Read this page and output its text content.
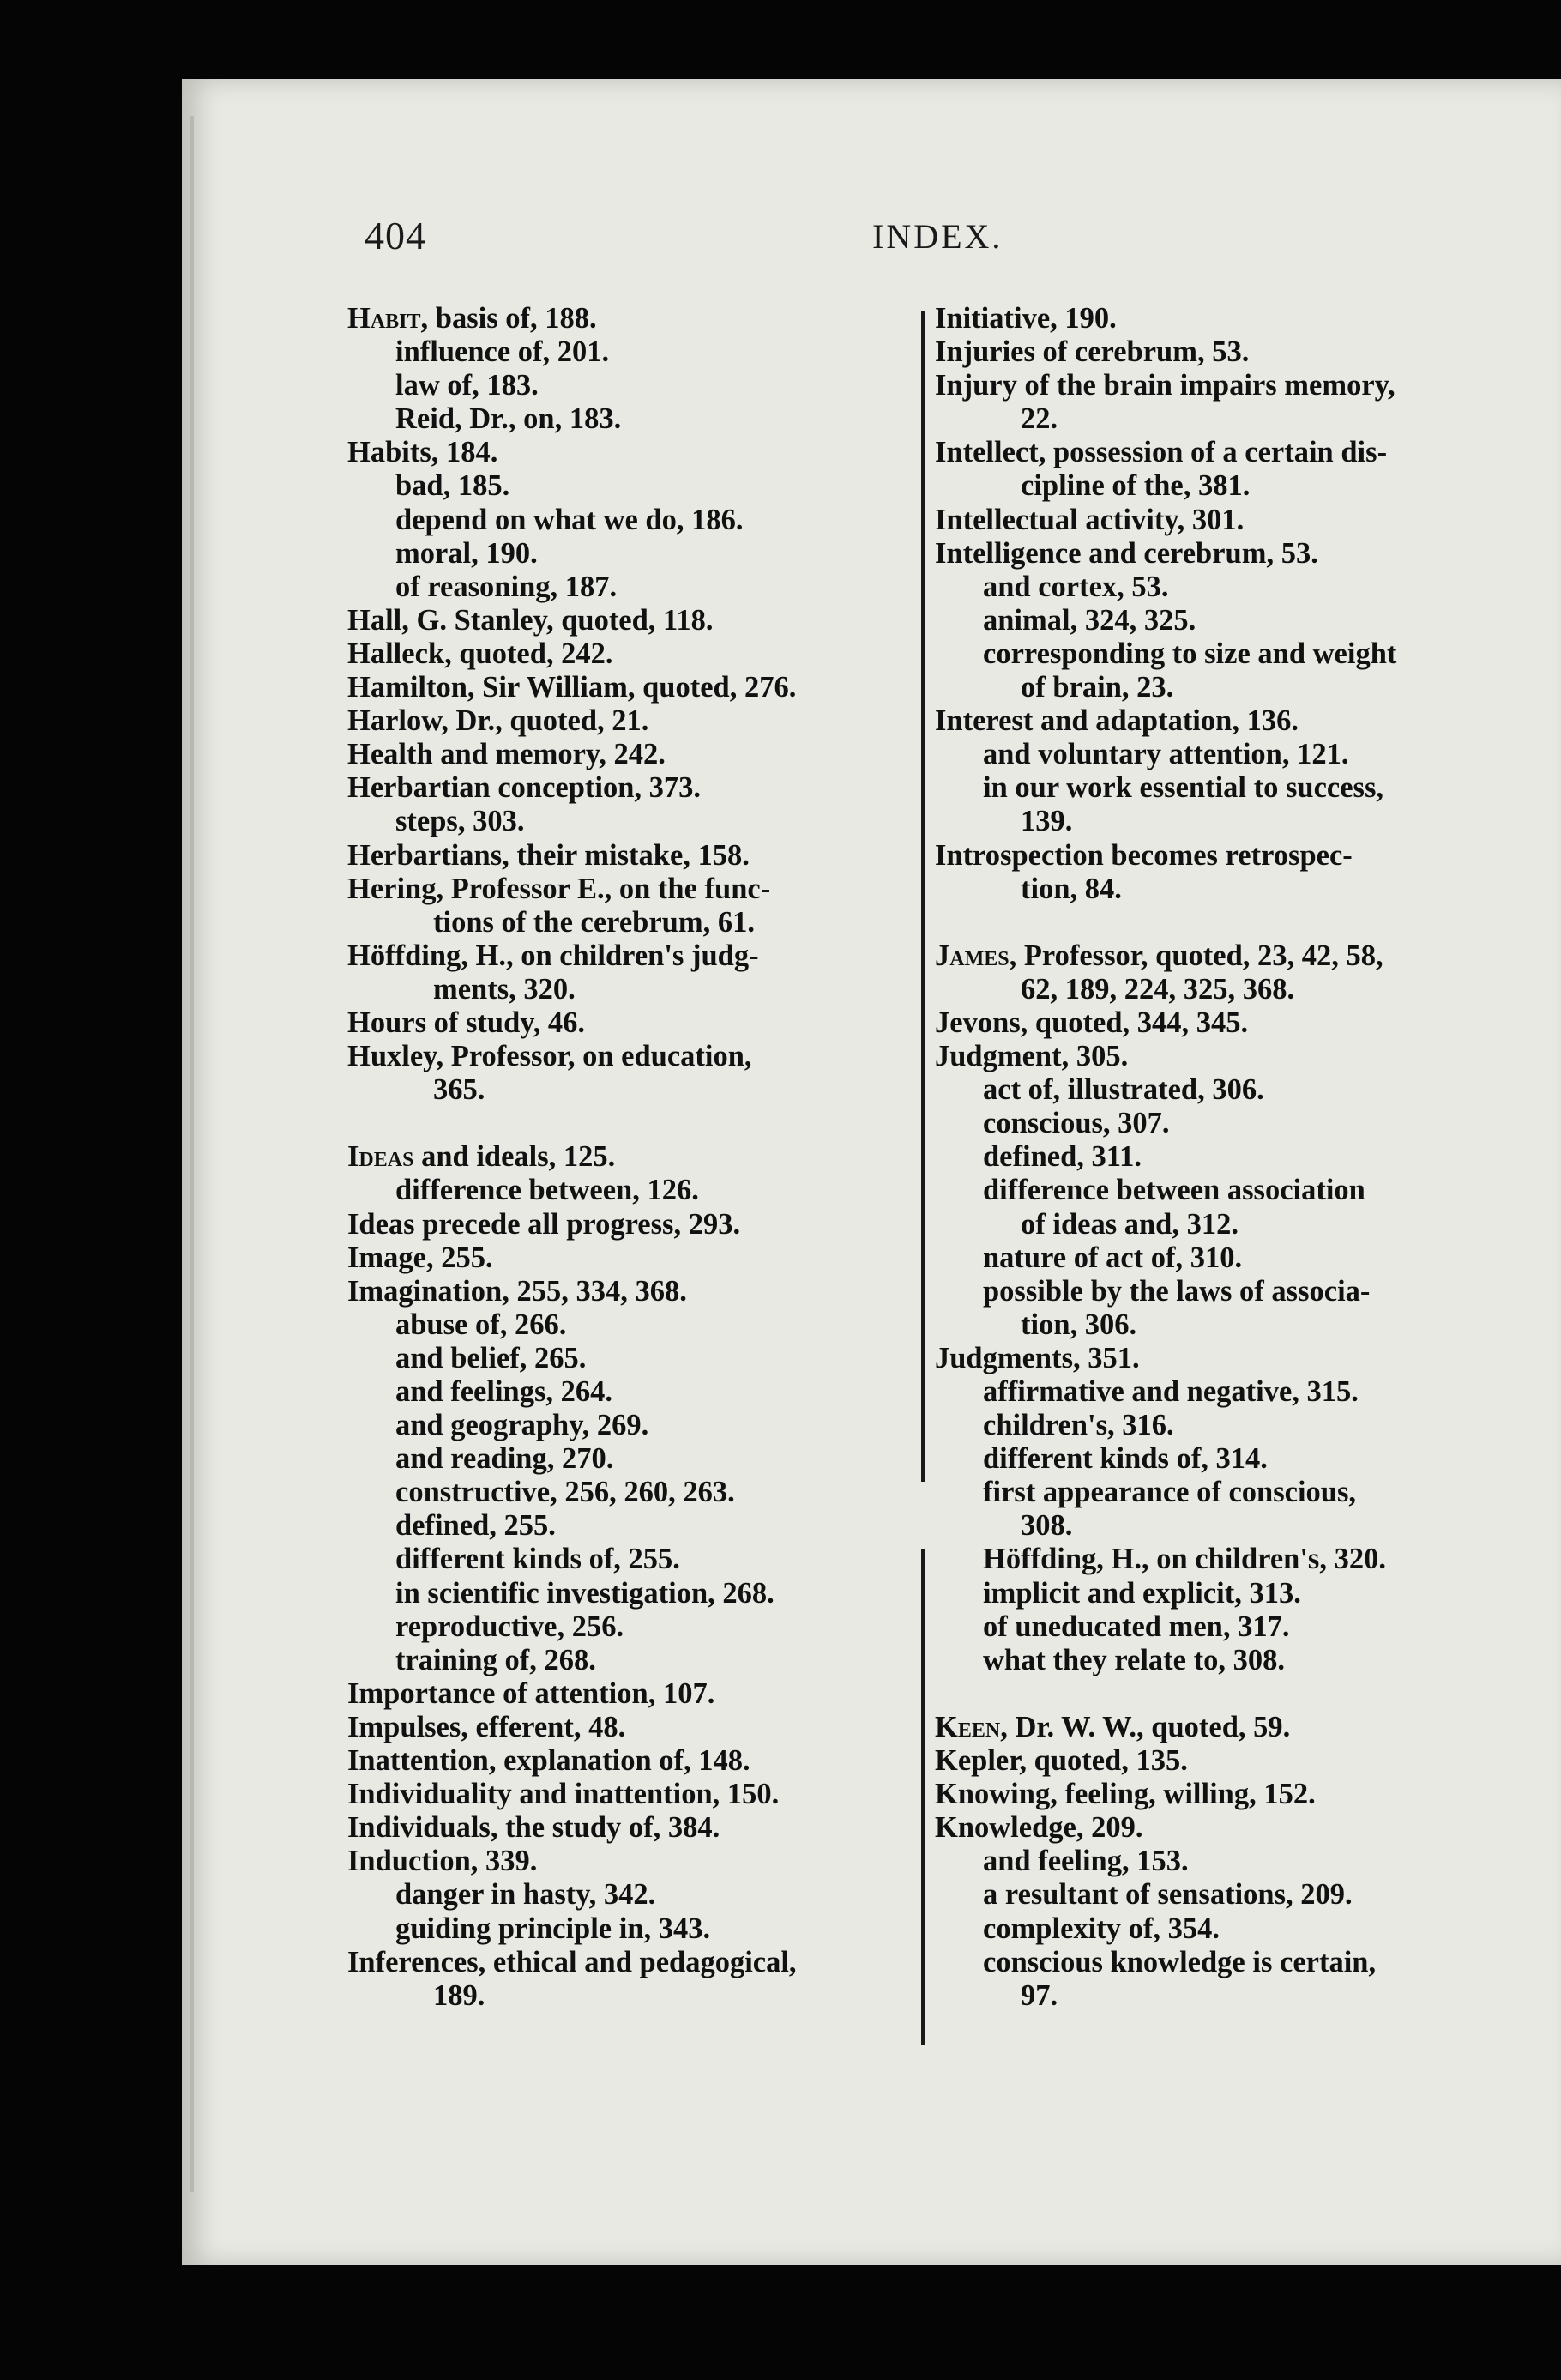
404	INDEX.
Habit, basis of, 188.
influence of, 201.
law of, 183.
Reid, Dr., on, 183.
Habits, 184.
bad, 185.
depend on what we do, 186.
moral, 190.
of reasoning, 187.
Hall, G. Stanley, quoted, 118.
Halleck, quoted, 242.
Hamilton, Sir William, quoted, 276.
Harlow, Dr., quoted, 21.
Health and memory, 242.
Herbartian conception, 373.
steps, 303.
Herbartians, their mistake, 158.
Hering, Professor E., on the func-
tions of the cerebrum, 61.
Höffding, H., on children's judg-
ments, 320.
Hours of study, 46.
Huxley, Professor, on education,
365.
Ideas and ideals, 125.
difference between, 126.
Ideas precede all progress, 293.
Image, 255.
Imagination, 255, 334, 368.
abuse of, 266.
and belief, 265.
and feelings, 264.
and geography, 269.
and reading, 270.
constructive, 256, 260, 263.
defined, 255.
different kinds of, 255.
in scientific investigation, 268.
reproductive, 256.
training of, 268.
Importance of attention, 107.
Impulses, efferent, 48.
Inattention, explanation of, 148.
Individuality and inattention, 150.
Individuals, the study of, 384.
Induction, 339.
danger in hasty, 342.
guiding principle in, 343.
Inferences, ethical and pedagogical,
189.
Initiative, 190.
Injuries of cerebrum, 53.
Injury of the brain impairs memory,
22.
Intellect, possession of a certain dis-
cipline of the, 381.
Intellectual activity, 301.
Intelligence and cerebrum, 53.
and cortex, 53.
animal, 324, 325.
corresponding to size and weight
of brain, 23.
Interest and adaptation, 136.
and voluntary attention, 121.
in our work essential to success,
139.
Introspection becomes retrospec-
tion, 84.
James, Professor, quoted, 23, 42, 58,
62, 189, 224, 325, 368.
Jevons, quoted, 344, 345.
Judgment, 305.
act of, illustrated, 306.
conscious, 307.
defined, 311.
difference between association
of ideas and, 312.
nature of act of, 310.
possible by the laws of associa-
tion, 306.
Judgments, 351.
affirmative and negative, 315.
children's, 316.
different kinds of, 314.
first appearance of conscious,
308.
Höffding, H., on children's, 320.
implicit and explicit, 313.
of uneducated men, 317.
what they relate to, 308.
Keen, Dr. W. W., quoted, 59.
Kepler, quoted, 135.
Knowing, feeling, willing, 152.
Knowledge, 209.
and feeling, 153.
a resultant of sensations, 209.
complexity of, 354.
conscious knowledge is certain,
97.
